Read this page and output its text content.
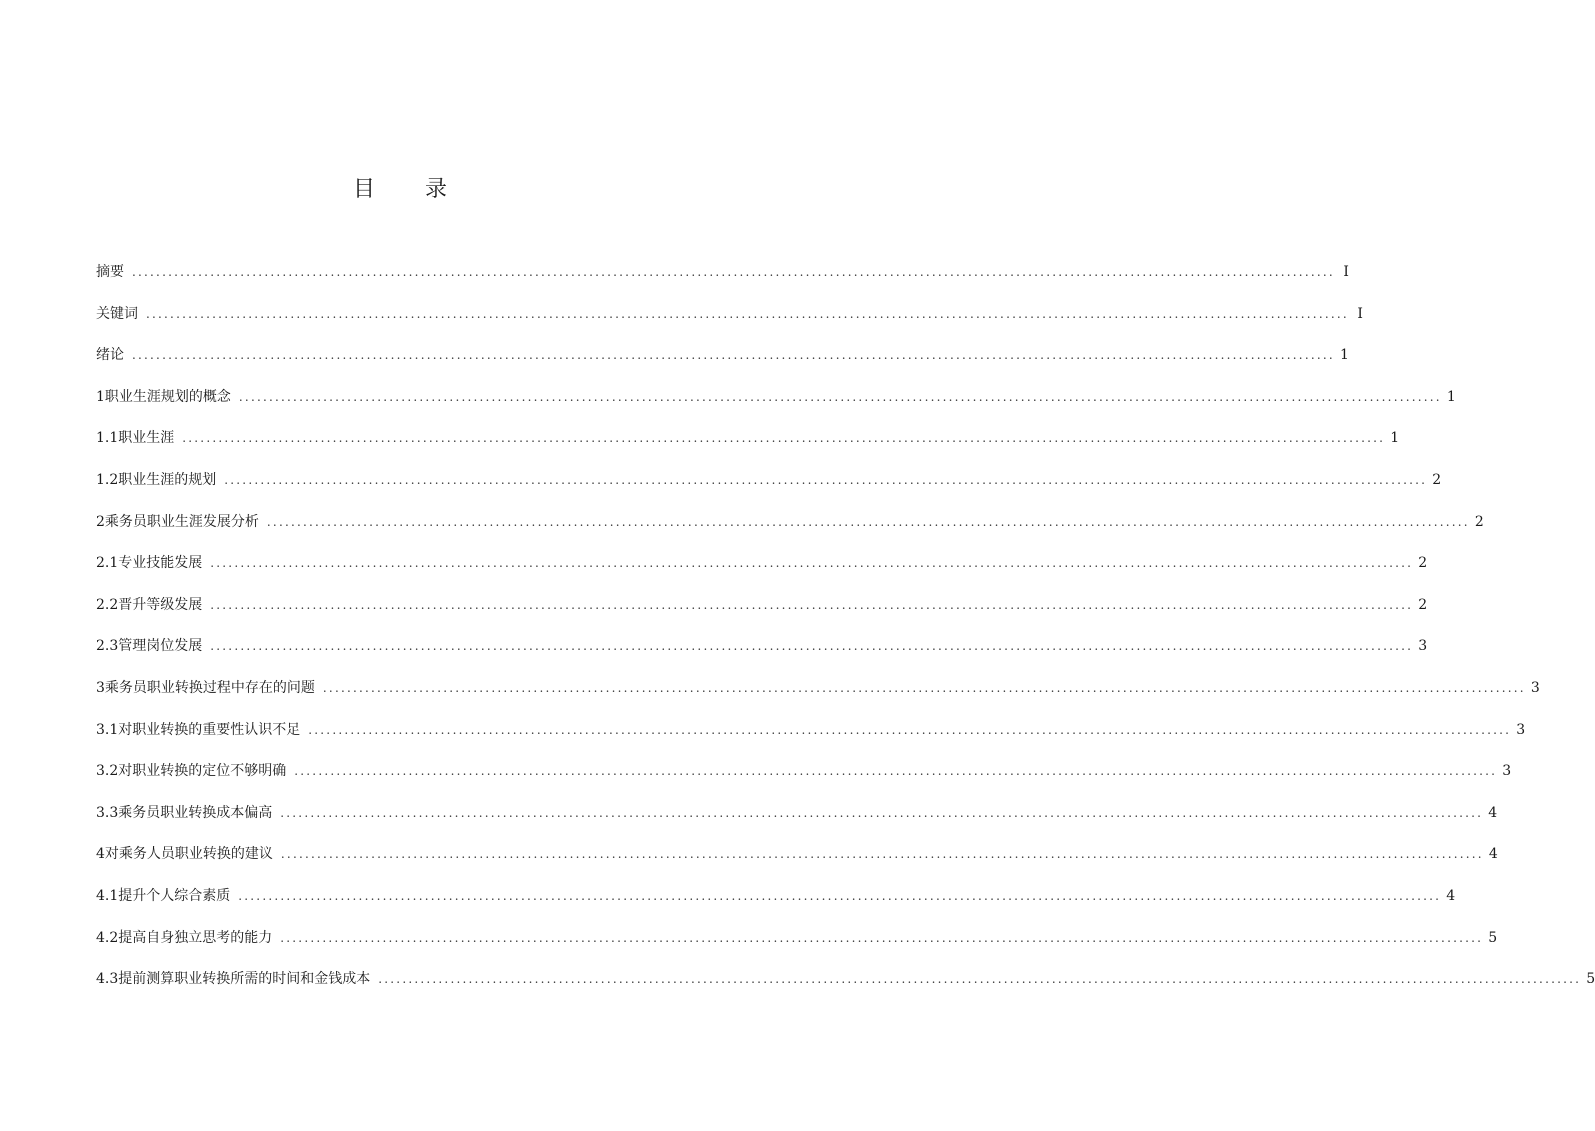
目 录
摘要 ........................................................................................................................................................................................................ I
关键词 ........................................................................................................................................................................................................ I
绪论 ........................................................................................................................................................................................................ 1
1 职业生涯规划的概念 ........................................................................................................................................................................................................ 1
1.1 职业生涯 ........................................................................................................................................................................................................ 1
1.2 职业生涯的规划 ........................................................................................................................................................................................................ 2
2 乘务员职业生涯发展分析 ........................................................................................................................................................................................................ 2
2.1 专业技能发展 ........................................................................................................................................................................................................ 2
2.2 晋升等级发展 ........................................................................................................................................................................................................ 2
2.3 管理岗位发展 ........................................................................................................................................................................................................ 3
3 乘务员职业转换过程中存在的问题 ........................................................................................................................................................................................................ 3
3.1 对职业转换的重要性认识不足 ........................................................................................................................................................................................................ 3
3.2 对职业转换的定位不够明确 ........................................................................................................................................................................................................ 3
3.3 乘务员职业转换成本偏高 ........................................................................................................................................................................................................ 4
4 对乘务人员职业转换的建议 ........................................................................................................................................................................................................ 4
4.1 提升个人综合素质 ........................................................................................................................................................................................................ 4
4.2 提高自身独立思考的能力 ........................................................................................................................................................................................................ 5
4.3 提前测算职业转换所需的时间和金钱成本 ........................................................................................................................................................................................................ 5
